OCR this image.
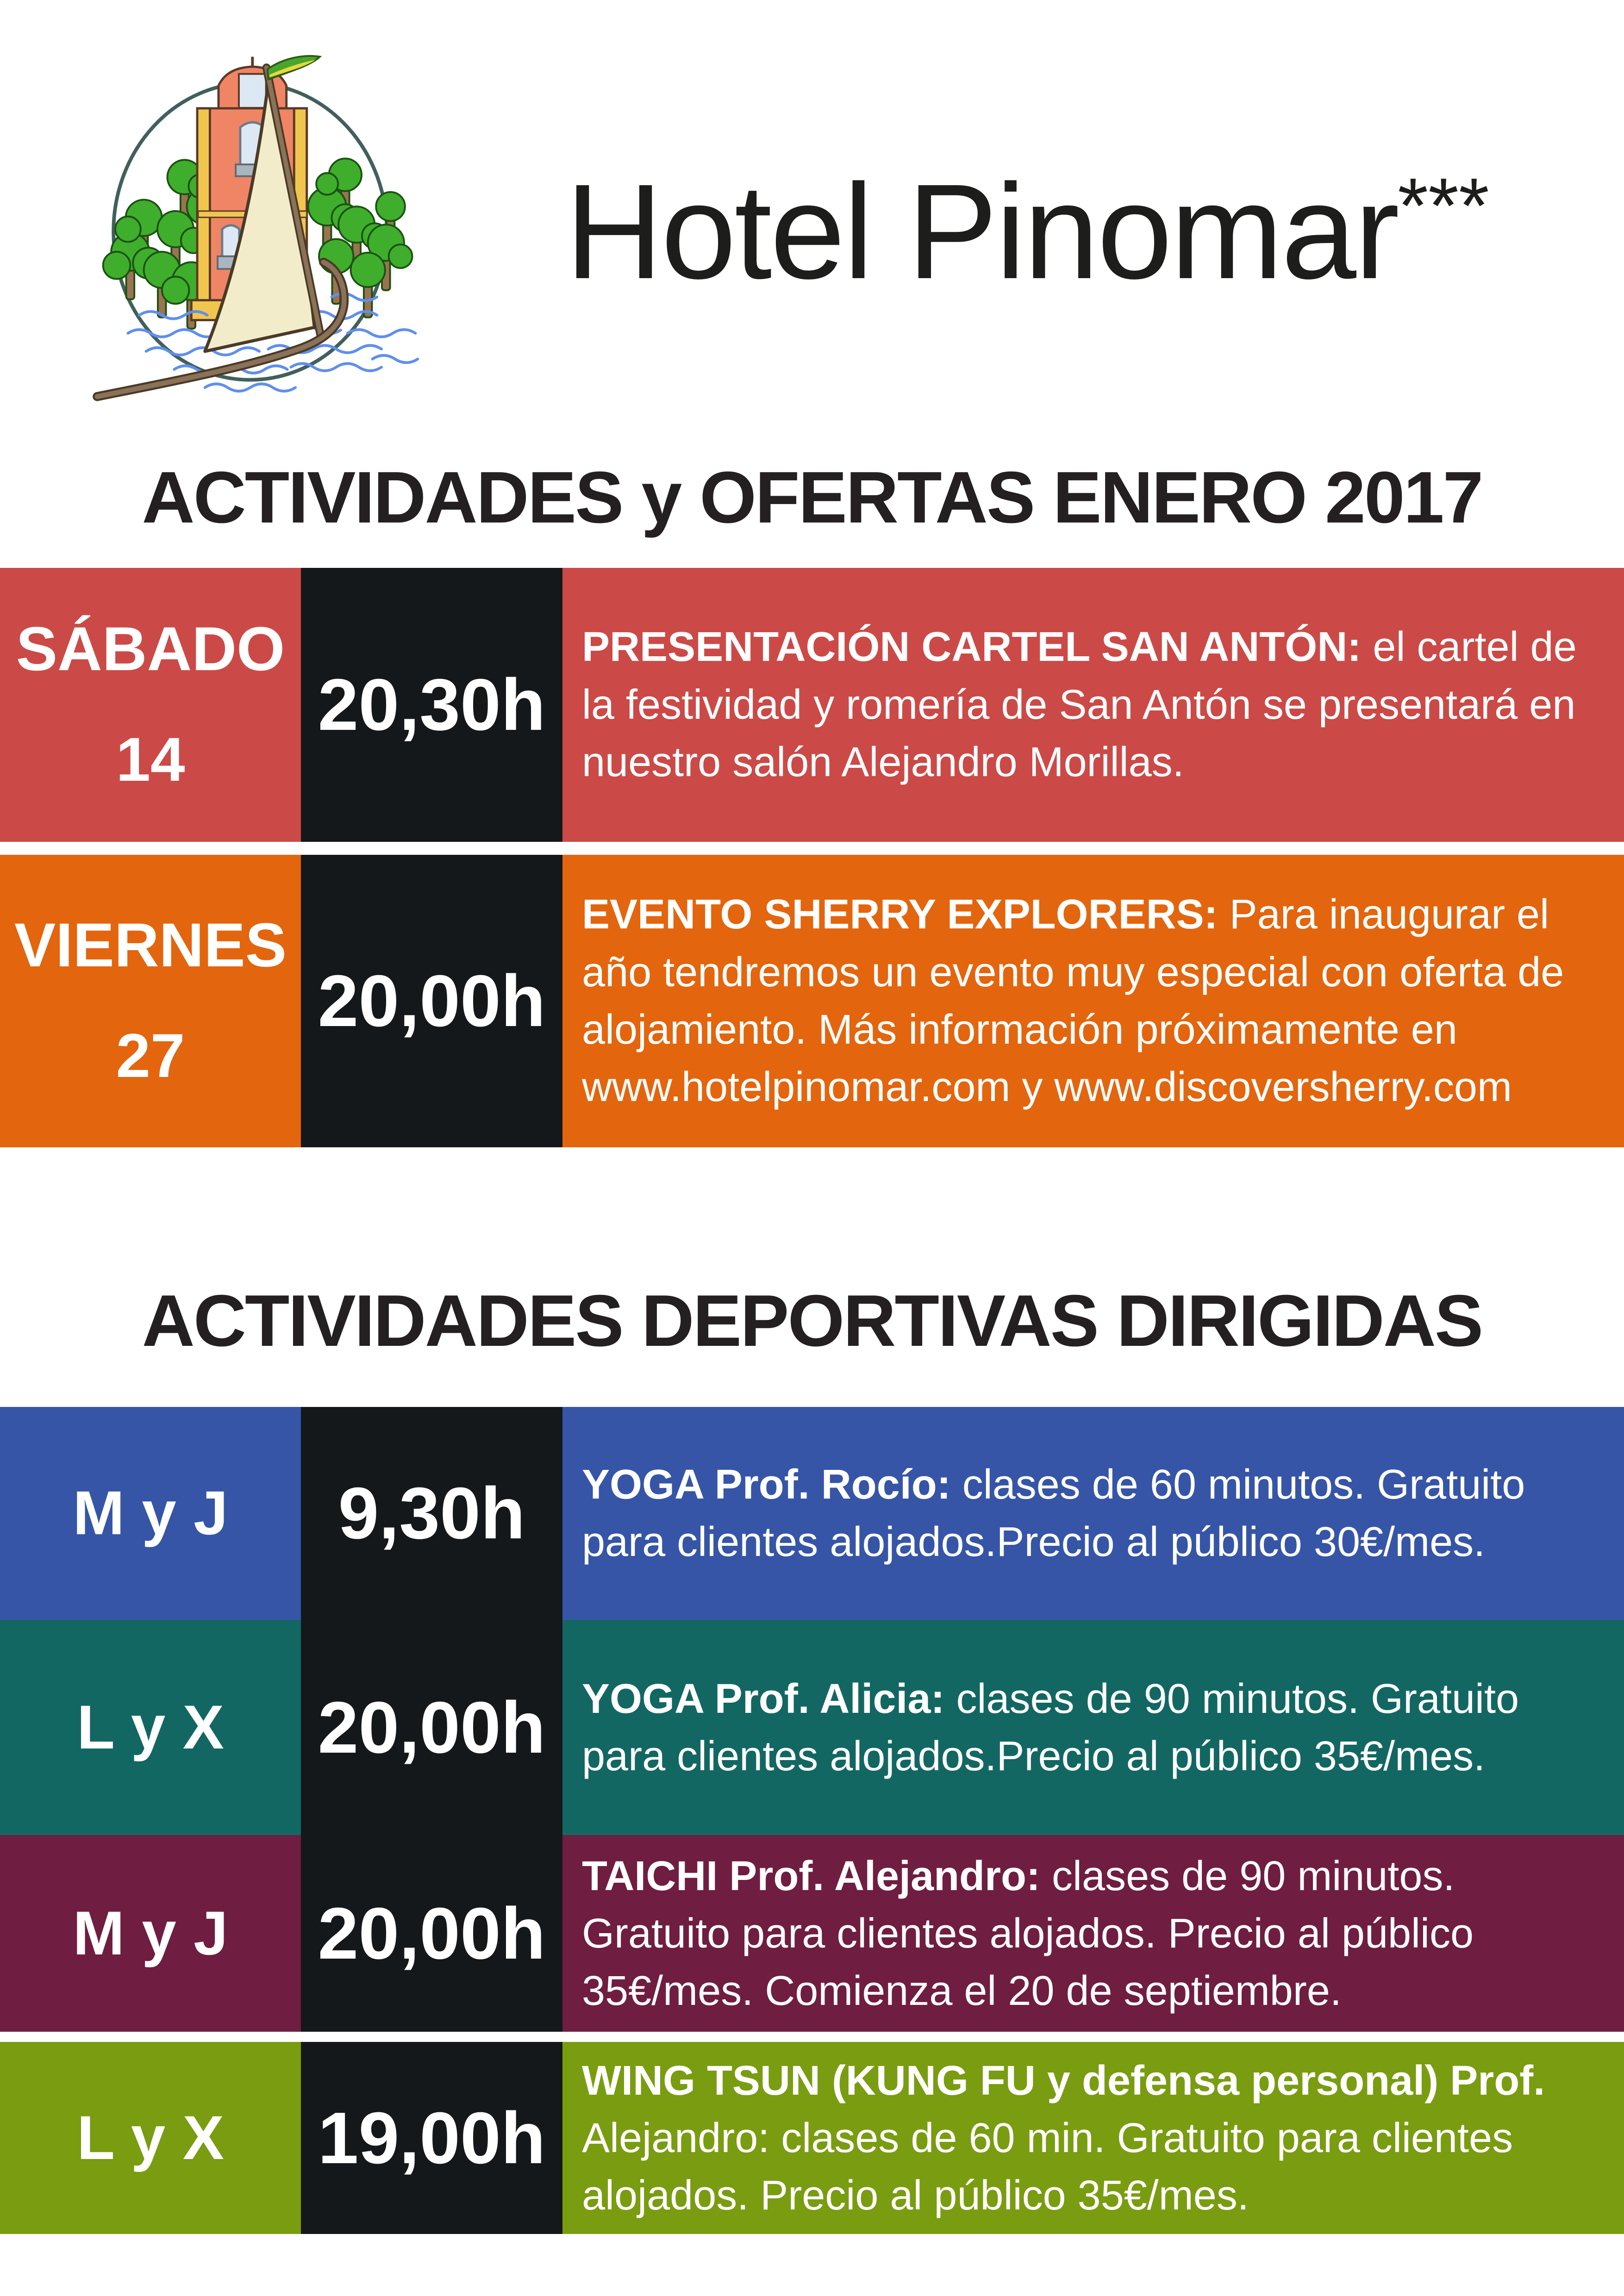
Hotel Pinomar***
ACTIVIDADES y OFERTAS ENERO 2017
SÁBADO
14
20,30h

PRESENTACIÓN CARTEL SAN ANTÓN: el cartel de la festividad y romería de San Antón se presentará en nuestro salón Alejandro Morillas.

VIERNES
27
20,00h

EVENTO SHERRY EXPLORERS: Para inaugurar el año tendremos un evento muy especial con oferta de alojamiento. Más información próximamente en www.hotelpinomar.com y www.discoversherry.com

ACTIVIDADES DEPORTIVAS DIRIGIDAS
M y J 9,30h YOGA Prof. Rocío: clases de 60 minutos. Gratuito para clientes alojados.Precio al público 30€/mes.

L y X 20,00h YOGA Prof. Alicia: clases de 90 minutos. Gratuito para clientes alojados.Precio al público 35€/mes.

M y J 20,00h

TAICHI Prof. Alejandro: clases de 90 minutos. Gratuito para clientes alojados. Precio al público 35€/mes. Comienza el 20 de septiembre.

L y X 19,00h

WING TSUN (KUNG FU y defensa personal) Prof. Alejandro: clases de 60 min. Gratuito para clientes alojados. Precio al público 35€/mes.
